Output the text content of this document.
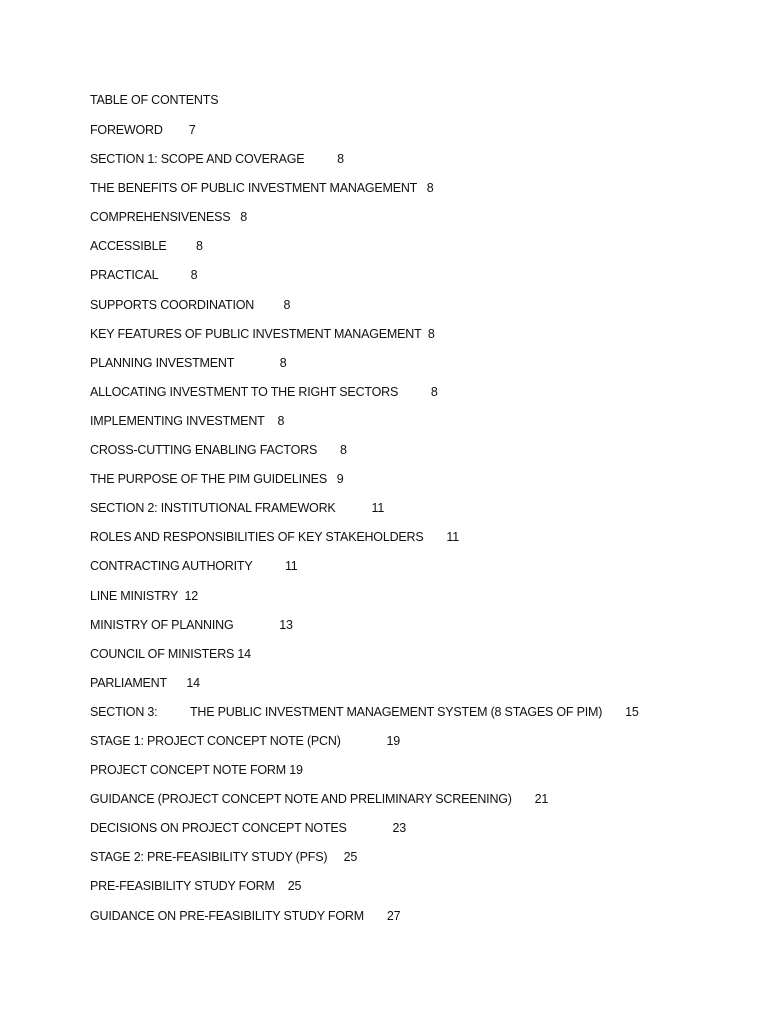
TABLE OF CONTENTS
FOREWORD        7
SECTION 1: SCOPE AND COVERAGE          8
THE BENEFITS OF PUBLIC INVESTMENT MANAGEMENT   8
COMPREHENSIVENESS   8
ACCESSIBLE         8
PRACTICAL          8
SUPPORTS COORDINATION         8
KEY FEATURES OF PUBLIC INVESTMENT MANAGEMENT  8
PLANNING INVESTMENT              8
ALLOCATING INVESTMENT TO THE RIGHT SECTORS          8
IMPLEMENTING INVESTMENT    8
CROSS-CUTTING ENABLING FACTORS       8
THE PURPOSE OF THE PIM GUIDELINES   9
SECTION 2: INSTITUTIONAL FRAMEWORK           11
ROLES AND RESPONSIBILITIES OF KEY STAKEHOLDERS       11
CONTRACTING AUTHORITY          11
LINE MINISTRY  12
MINISTRY OF PLANNING              13
COUNCIL OF MINISTERS 14
PARLIAMENT      14
SECTION 3:          THE PUBLIC INVESTMENT MANAGEMENT SYSTEM (8 STAGES OF PIM)       15
STAGE 1: PROJECT CONCEPT NOTE (PCN)              19
PROJECT CONCEPT NOTE FORM 19
GUIDANCE (PROJECT CONCEPT NOTE AND PRELIMINARY SCREENING)       21
DECISIONS ON PROJECT CONCEPT NOTES              23
STAGE 2: PRE-FEASIBILITY STUDY (PFS)     25
PRE-FEASIBILITY STUDY FORM    25
GUIDANCE ON PRE-FEASIBILITY STUDY FORM       27
